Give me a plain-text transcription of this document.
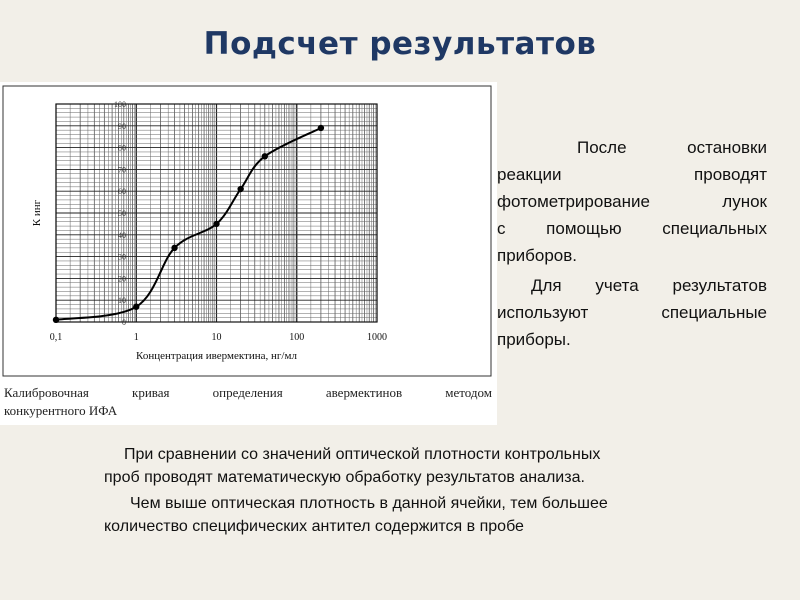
Подсчет результатов
0
10
20
30
40
50
60
70
80
90
100
0,1	1	10	100	1000
Концентрация ивермектина, нг/мл
К инг
Калибровочная кривая определения авермектинов методом
конкурентного ИФА
После остановки
реакции проводят
фотометрирование лунок
с помощью специальных
приборов.
Для учета результатов
используют специальные
приборы.
При сравнении со значений оптической плотности контрольных
проб проводят математическую обработку результатов анализа.
Чем выше оптическая плотность в данной ячейки, тем большее
количество специфических антител содержится в пробе
